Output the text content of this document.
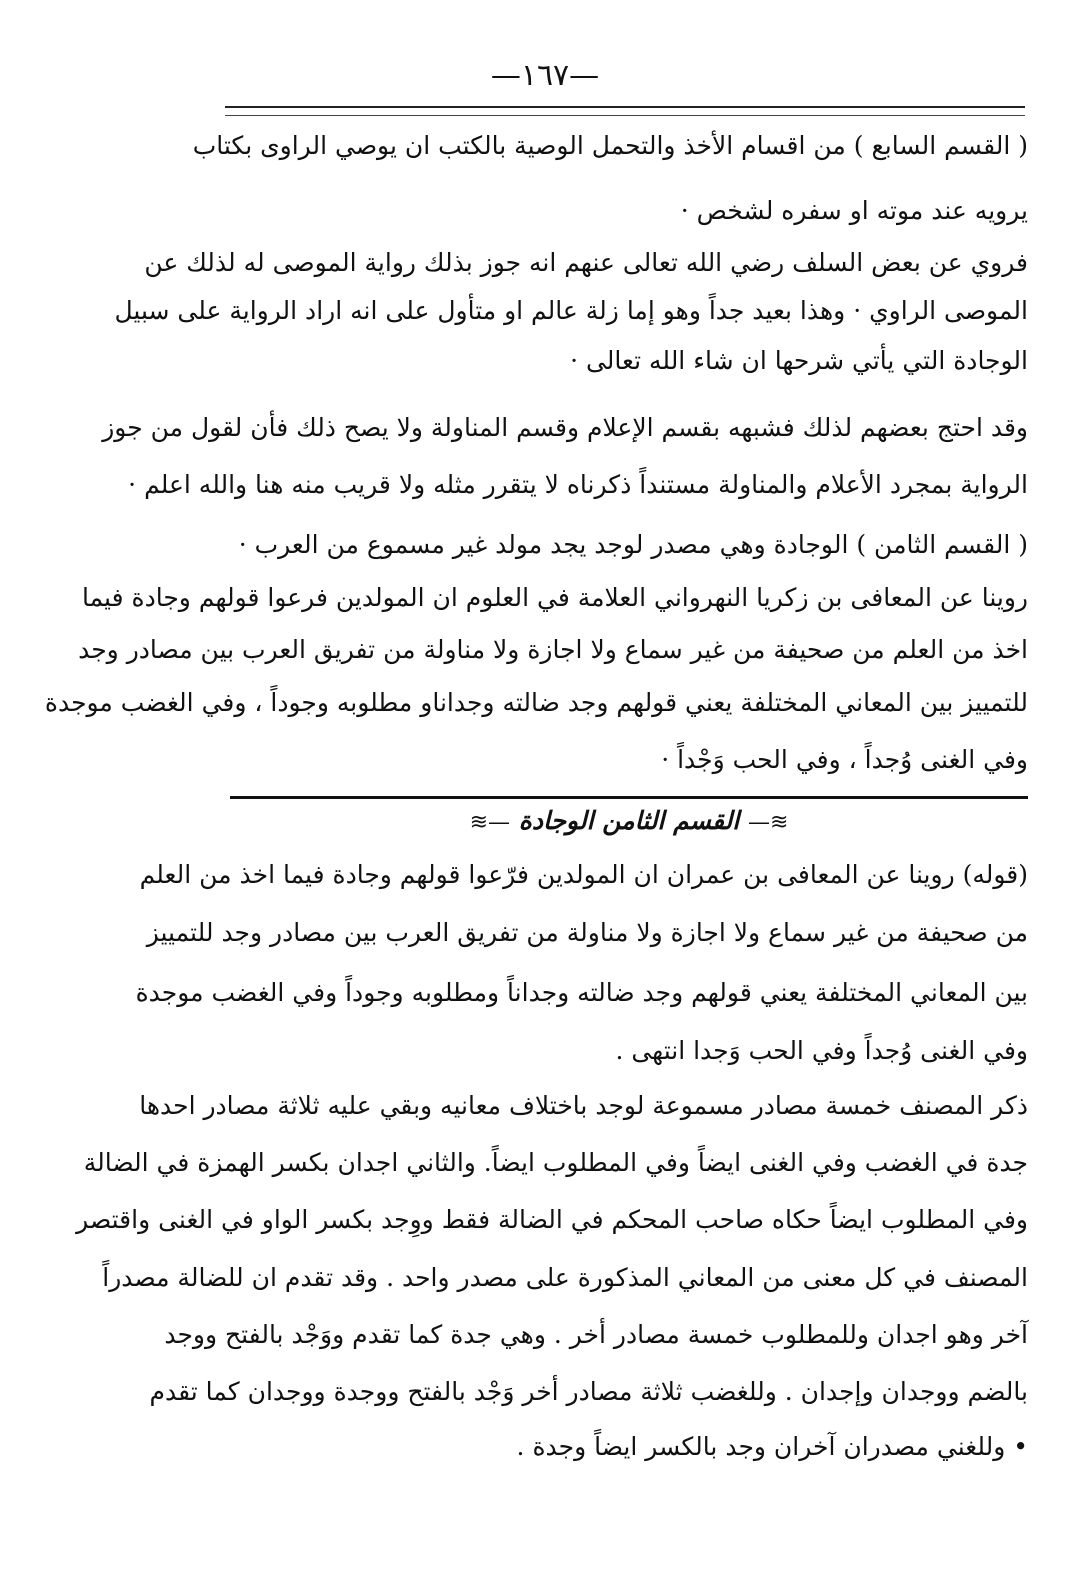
—١٦٧—
( القسم السابع ) من اقسام الأخذ والتحمل الوصية بالكتب ان يوصي الراوى بكتاب
يرويه عند موته او سفره لشخص ·
فروي عن بعض السلف رضي الله تعالى عنهم انه جوز بذلك رواية الموصى له لذلك عن
الموصى الراوي · وهذا بعيد جداً وهو إما زلة عالم او متأول على انه اراد الرواية على سبيل
الوجادة التي يأتي شرحها ان شاء الله تعالى ·
وقد احتج بعضهم لذلك فشبهه بقسم الإعلام وقسم المناولة ولا يصح ذلك فأن لقول من جوز
الرواية بمجرد الأعلام والمناولة مستنداً ذكرناه لا يتقرر مثله ولا قريب منه هنا والله اعلم ·
( القسم الثامن ) الوجادة وهي مصدر لوجد يجد مولد غير مسموع من العرب ·
روينا عن المعافى بن زكريا النهرواني العلامة في العلوم ان المولدين فرعوا قولهم وجادة فيما
اخذ من العلم من صحيفة من غير سماع ولا اجازة ولا مناولة من تفريق العرب بين مصادر وجد
للتمييز بين المعاني المختلفة يعني قولهم وجد ضالته وجداناو مطلوبه وجوداً ، وفي الغضب موجدة
وفي الغنى وُجداً ، وفي الحب وَجْداً ·
≋— القسم الثامن الوجادة —≋
(قوله) روينا عن المعافى بن عمران ان المولدين فرّعوا قولهم وجادة فيما اخذ من العلم
من صحيفة من غير سماع ولا اجازة ولا مناولة من تفريق العرب بين مصادر وجد للتمييز
بين المعاني المختلفة يعني قولهم وجد ضالته وجداناً ومطلوبه وجوداً وفي الغضب موجدة
وفي الغنى وُجداً وفي الحب وَجدا انتهى .
ذكر المصنف خمسة مصادر مسموعة لوجد باختلاف معانيه وبقي عليه ثلاثة مصادر احدها
جدة في الغضب وفي الغنى ايضاً وفي المطلوب ايضاً. والثاني اجدان بكسر الهمزة في الضالة
وفي المطلوب ايضاً حكاه صاحب المحكم في الضالة فقط ووِجد بكسر الواو في الغنى واقتصر
المصنف في كل معنى من المعاني المذكورة على مصدر واحد . وقد تقدم ان للضالة مصدراً
آخر وهو اجدان وللمطلوب خمسة مصادر أخر . وهي جدة كما تقدم ووَجْد بالفتح ووجد
بالضم ووجدان وإجدان . وللغضب ثلاثة مصادر أخر وَجْد بالفتح ووجدة ووجدان كما تقدم
• وللغني مصدران آخران وجد بالكسر ايضاً وجدة .
